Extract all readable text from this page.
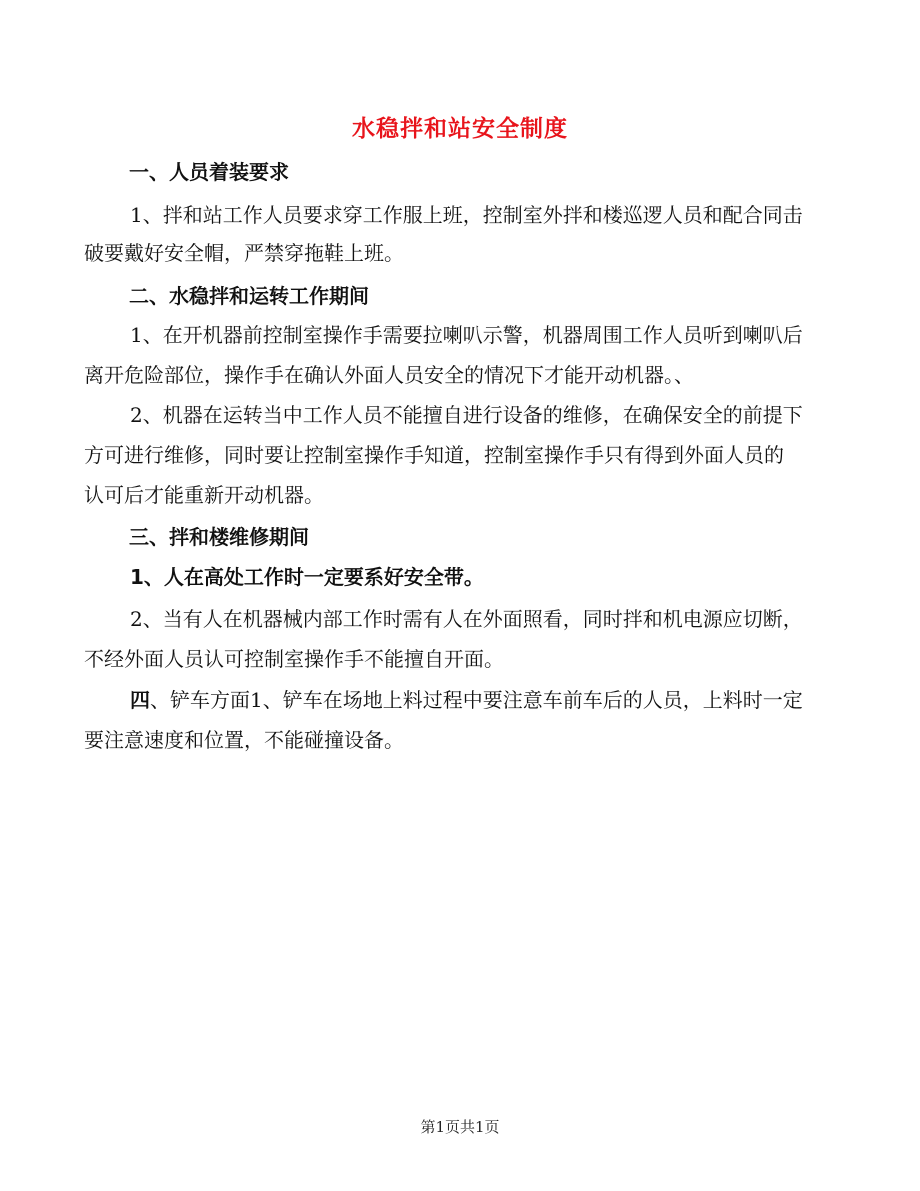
水稳拌和站安全制度
一、人员着装要求
1、拌和站工作人员要求穿工作服上班，控制室外拌和楼巡逻人员和配合同击
破要戴好安全帽，严禁穿拖鞋上班。
二、水稳拌和运转工作期间
1、在开机器前控制室操作手需要拉喇叭示警，机器周围工作人员听到喇叭后
离开危险部位，操作手在确认外面人员安全的情况下才能开动机器。、
2、机器在运转当中工作人员不能擅自进行设备的维修，在确保安全的前提下
方可进行维修，同时要让控制室操作手知道，控制室操作手只有得到外面人员的
认可后才能重新开动机器。
三、拌和楼维修期间
1、人在高处工作时一定要系好安全带。
2、当有人在机器械内部工作时需有人在外面照看，同时拌和机电源应切断，
不经外面人员认可控制室操作手不能擅自开面。
四、铲车方面1、铲车在场地上料过程中要注意车前车后的人员，上料时一定
要注意速度和位置，不能碰撞设备。
第1页共1页
